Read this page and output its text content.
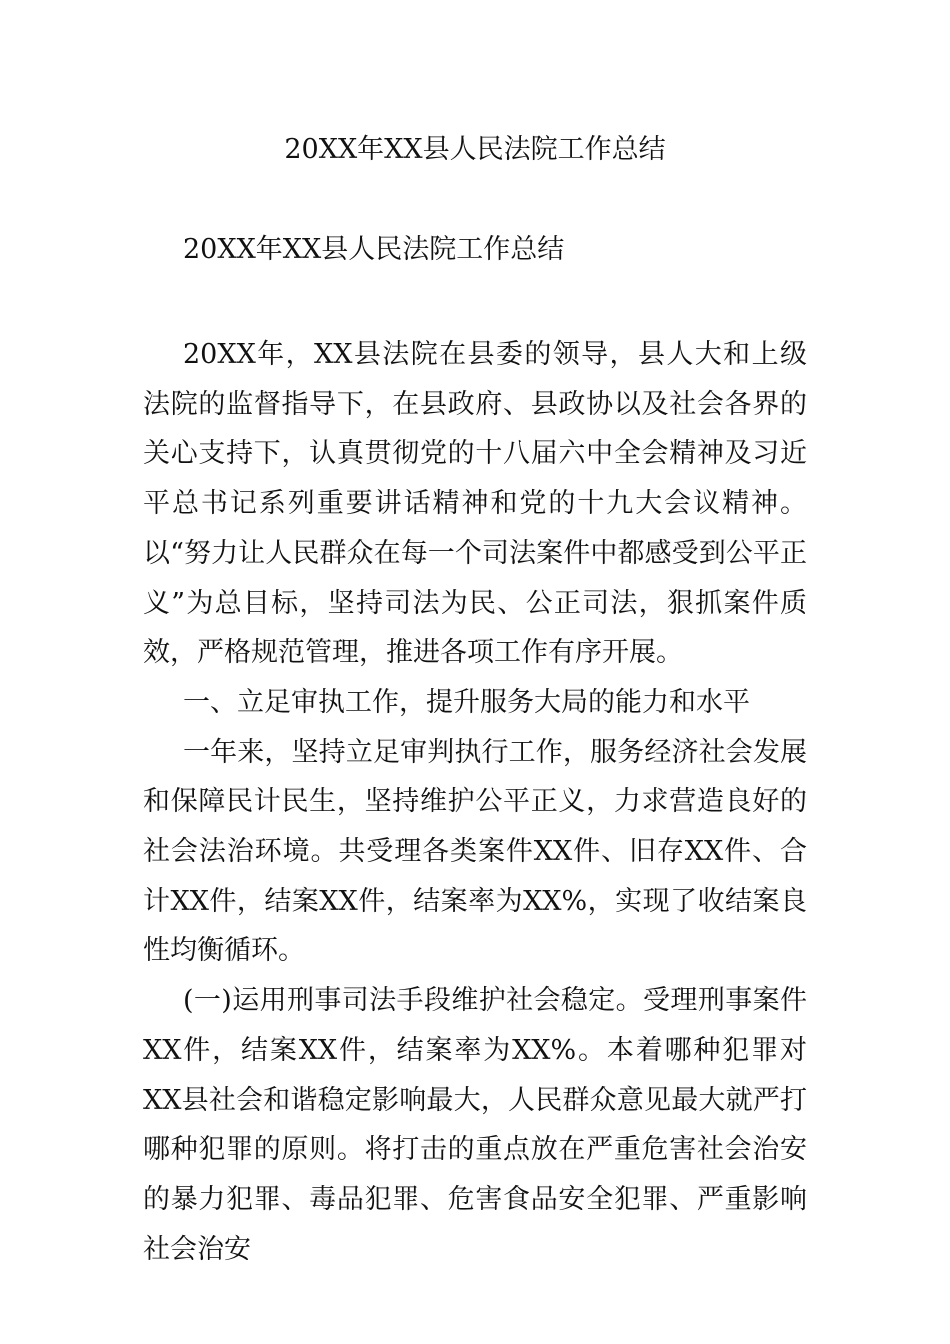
20XX年XX县人民法院工作总结
20XX年XX县人民法院工作总结

20XX年，XX县法院在县委的领导，县人大和上级法院的监督指导下，在县政府、县政协以及社会各界的关心支持下，认真贯彻党的十八届六中全会精神及习近平总书记系列重要讲话精神和党的十九大会议精神。以“努力让人民群众在每一个司法案件中都感受到公平正义”为总目标，坚持司法为民、公正司法，狠抓案件质效，严格规范管理，推进各项工作有序开展。

一、立足审执工作，提升服务大局的能力和水平

一年来，坚持立足审判执行工作，服务经济社会发展和保障民计民生，坚持维护公平正义，力求营造良好的社会法治环境。共受理各类案件XX件、旧存XX件、合计XX件，结案XX件，结案率为XX%，实现了收结案良性均衡循环。

(一)运用刑事司法手段维护社会稳定。受理刑事案件XX件，结案XX件，结案率为XX%。本着哪种犯罪对XX县社会和谐稳定影响最大，人民群众意见最大就严打哪种犯罪的原则。将打击的重点放在严重危害社会治安的暴力犯罪、毒品犯罪、危害食品安全犯罪、严重影响社会治安
